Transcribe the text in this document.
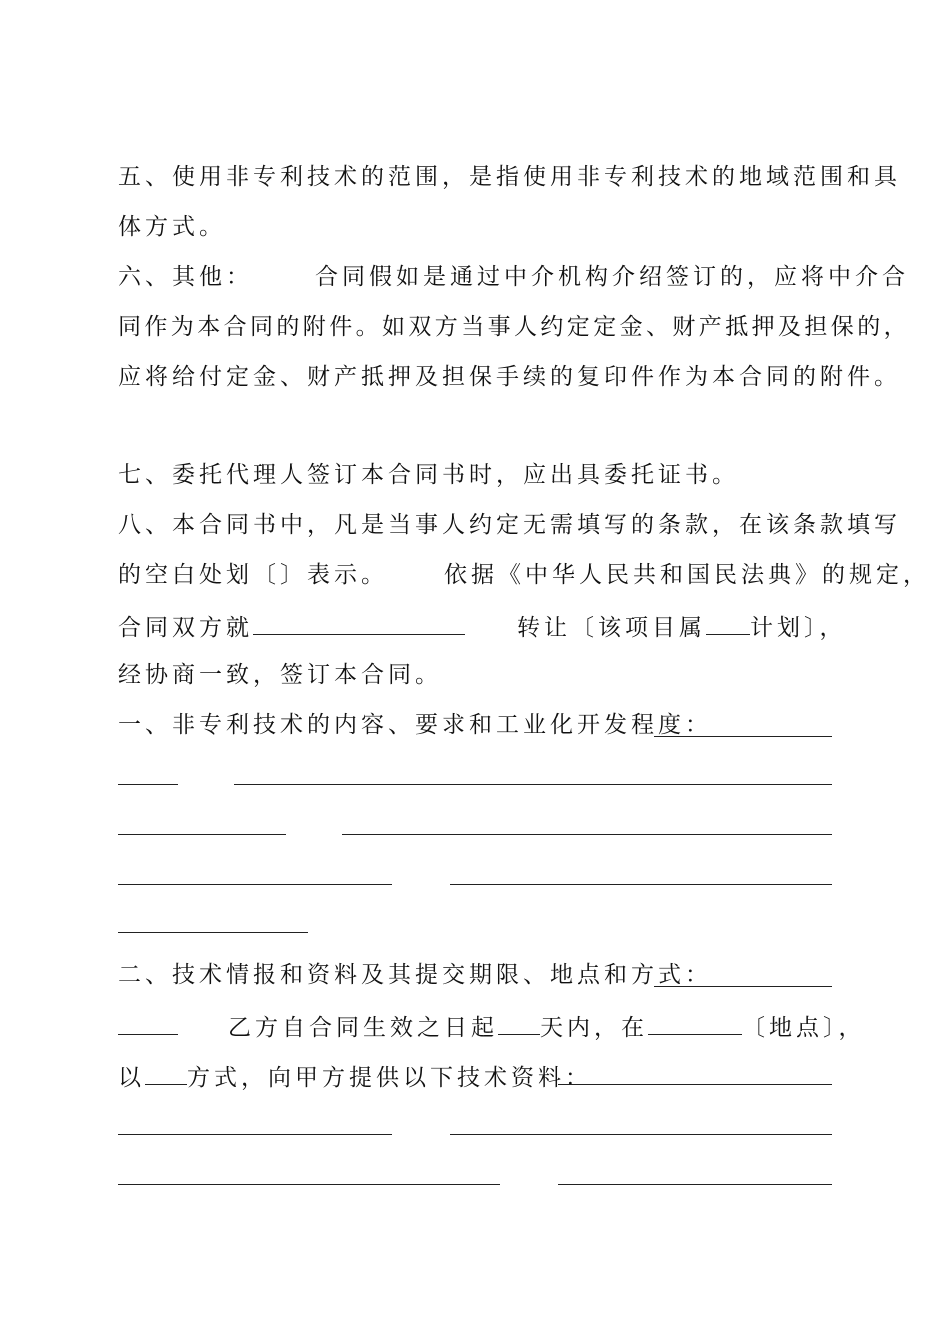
五、使用非专利技术的范围，是指使用非专利技术的地域范围和具
体方式。
六、其他：	合同假如是通过中介机构介绍签订的，应将中介合
同作为本合同的附件。如双方当事人约定定金、财产抵押及担保的，
应将给付定金、财产抵押及担保手续的复印件作为本合同的附件。
七、委托代理人签订本合同书时，应出具委托证书。
八、本合同书中，凡是当事人约定无需填写的条款，在该条款填写
的空白处划〔〕表示。 依据《中华人民共和国民法典》的规定，
合同双方就	转让〔该项目属 计划〕，
经协商一致，签订本合同。
一、非专利技术的内容、要求和工业化开发程度：
二、技术情报和资料及其提交期限、地点和方式：
乙方自合同生效之日起 天内，在	〔地点〕，
以 方式，向甲方提供以下技术资料：
